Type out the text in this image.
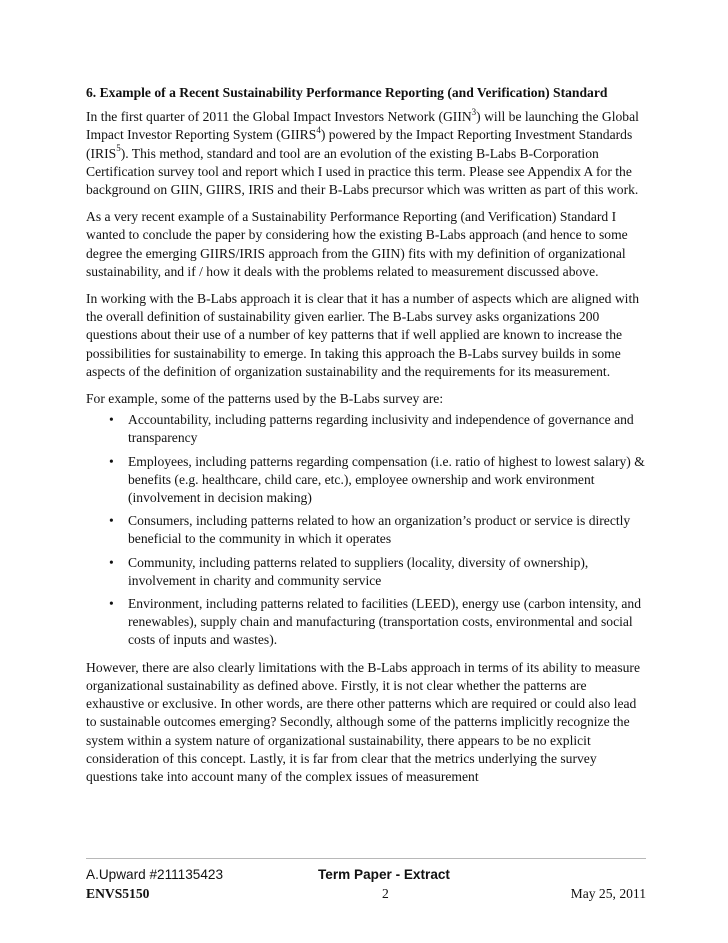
6. Example of a Recent Sustainability Performance Reporting (and Verification) Standard

In the first quarter of 2011 the Global Impact Investors Network (GIIN$^3$) will be launching the Global Impact Investor Reporting System (GIIRS$^4$) powered by the Impact Reporting Investment Standards (IRIS$^5$). This method, standard and tool are an evolution of the existing B-Labs B-Corporation Certification survey tool and report which I used in practice this term. Please see Appendix A for the background on GIIN, GIIRS, IRIS and their B-Labs precursor which was written as part of this work.

As a very recent example of a Sustainability Performance Reporting (and Verification) Standard I wanted to conclude the paper by considering how the existing B-Labs approach (and hence to some degree the emerging GIIRS/IRIS approach from the GIIN) fits with my definition of organizational sustainability, and if / how it deals with the problems related to measurement discussed above.

In working with the B-Labs approach it is clear that it has a number of aspects which are aligned with the overall definition of sustainability given earlier. The B-Labs survey asks organizations 200 questions about their use of a number of key patterns that if well applied are known to increase the possibilities for sustainability to emerge. In taking this approach the B-Labs survey builds in some aspects of the definition of organization sustainability and the requirements for its measurement.

For example, some of the patterns used by the B-Labs survey are:

• Accountability, including patterns regarding inclusivity and independence of governance and transparency
• Employees, including patterns regarding compensation (i.e. ratio of highest to lowest salary) & benefits (e.g. healthcare, child care, etc.), employee ownership and work environment (involvement in decision making)
• Consumers, including patterns related to how an organization’s product or service is directly beneficial to the community in which it operates
• Community, including patterns related to suppliers (locality, diversity of ownership), involvement in charity and community service
• Environment, including patterns related to facilities (LEED), energy use (carbon intensity, and renewables), supply chain and manufacturing (transportation costs, environmental and social costs of inputs and wastes).

However, there are also clearly limitations with the B-Labs approach in terms of its ability to measure organizational sustainability as defined above. Firstly, it is not clear whether the patterns are exhaustive or exclusive. In other words, are there other patterns which are required or could also lead to sustainable outcomes emerging? Secondly, although some of the patterns implicitly recognize the system within a system nature of organizational sustainability, there appears to be no explicit consideration of this concept. Lastly, it is far from clear that the metrics underlying the survey questions take into account many of the complex issues of measurement

A.Upward #211135423	Term Paper - Extract
ENVS5150	2	May 25, 2011
